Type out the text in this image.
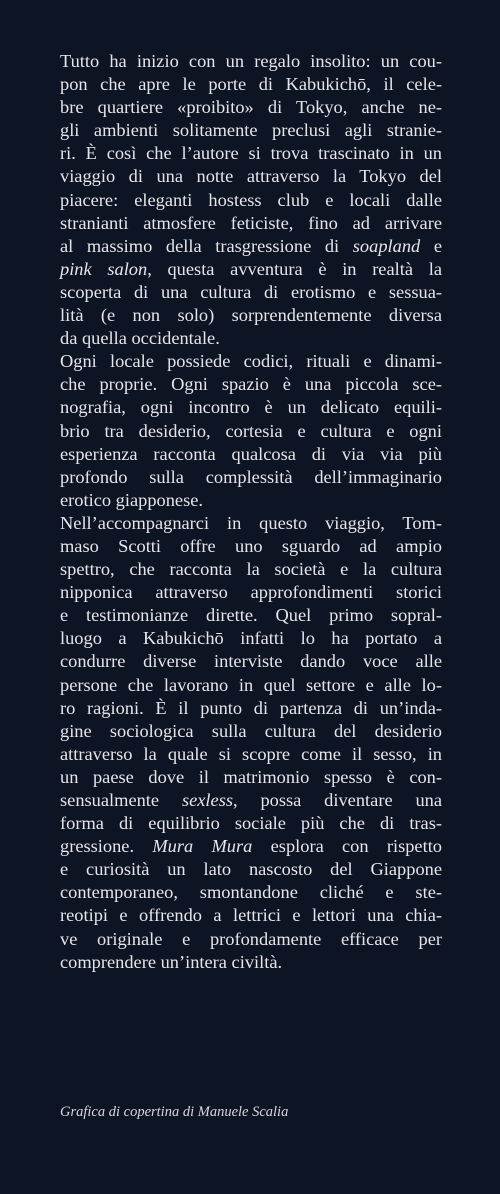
Tutto ha inizio con un regalo insolito: un cou-
pon che apre le porte di Kabukichō, il cele-
bre quartiere «proibito» di Tokyo, anche ne-
gli ambienti solitamente preclusi agli stranie-
ri. È così che l’autore si trova trascinato in un
viaggio di una notte attraverso la Tokyo del
piacere: eleganti hostess club e locali dalle
stranianti atmosfere feticiste, fino ad arrivare
al massimo della trasgressione di soapland e
pink salon, questa avventura è in realtà la
scoperta di una cultura di erotismo e sessua-
lità (e non solo) sorprendentemente diversa
da quella occidentale.

Ogni locale possiede codici, rituali e dinami-
che proprie. Ogni spazio è una piccola sce-
nografia, ogni incontro è un delicato equili-
brio tra desiderio, cortesia e cultura e ogni
esperienza racconta qualcosa di via via più
profondo sulla complessità dell’immaginario
erotico giapponese.

Nell’accompagnarci in questo viaggio, Tom-
maso Scotti offre uno sguardo ad ampio
spettro, che racconta la società e la cultura
nipponica attraverso approfondimenti storici
e testimonianze dirette. Quel primo sopral-
luogo a Kabukichō infatti lo ha portato a
condurre diverse interviste dando voce alle
persone che lavorano in quel settore e alle lo-
ro ragioni. È il punto di partenza di un’inda-
gine sociologica sulla cultura del desiderio
attraverso la quale si scopre come il sesso, in
un paese dove il matrimonio spesso è con-
sensualmente sexless, possa diventare una
forma di equilibrio sociale più che di tras-
gressione. Mura Mura esplora con rispetto
e curiosità un lato nascosto del Giappone
contemporaneo, smontandone cliché e ste-
reotipi e offrendo a lettrici e lettori una chia-
ve originale e profondamente efficace per
comprendere un’intera civiltà.

Grafica di copertina di Manuele Scalia
